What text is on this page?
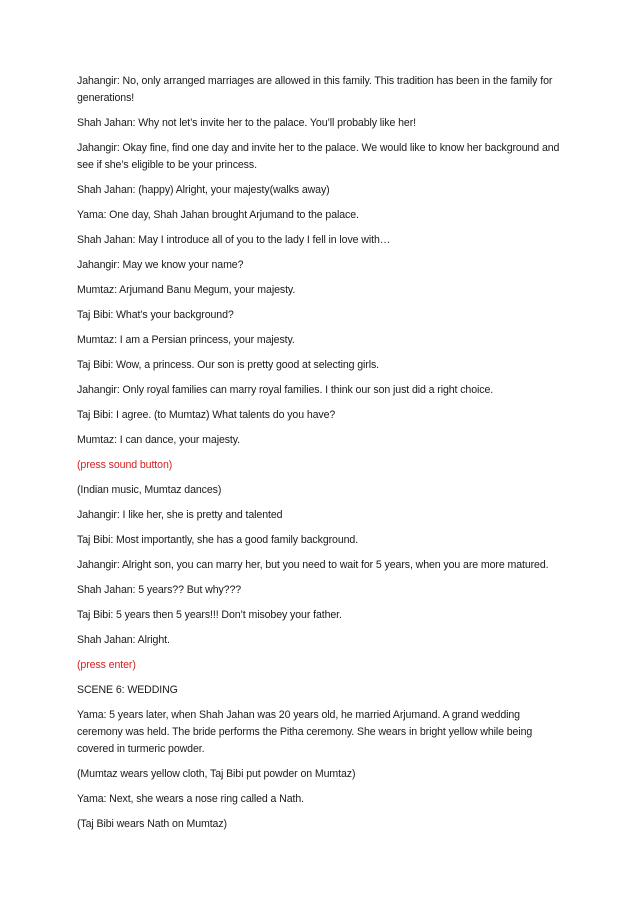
Jahangir: No, only arranged marriages are allowed in this family. This tradition has been in the family for generations!

Shah Jahan: Why not let’s invite her to the palace. You’ll probably like her!

Jahangir: Okay fine, find one day and invite her to the palace. We would like to know her background and see if she’s eligible to be your princess.

Shah Jahan: (happy) Alright, your majesty(walks away)

Yama: One day, Shah Jahan brought Arjumand to the palace.

Shah Jahan: May I introduce all of you to the lady I fell in love with…

Jahangir: May we know your name?

Mumtaz: Arjumand Banu Megum, your majesty.

Taj Bibi: What’s your background?

Mumtaz: I am a Persian princess, your majesty.

Taj Bibi: Wow, a princess. Our son is pretty good at selecting girls.

Jahangir: Only royal families can marry royal families. I think our son just did a right choice.

Taj Bibi: I agree. (to Mumtaz) What talents do you have?

Mumtaz: I can dance, your majesty.

(press sound button)

(Indian music, Mumtaz dances)

Jahangir: I like her, she is pretty and talented

Taj Bibi: Most importantly, she has a good family background.

Jahangir: Alright son, you can marry her, but you need to wait for 5 years, when you are more matured.

Shah Jahan: 5 years?? But why???

Taj Bibi: 5 years then 5 years!!! Don’t misobey your father.

Shah Jahan: Alright.

(press enter)

SCENE 6: WEDDING

Yama: 5 years later, when Shah Jahan was 20 years old, he married Arjumand. A grand wedding ceremony was held. The bride performs the Pitha ceremony. She wears in bright yellow while being covered in turmeric powder.

(Mumtaz wears yellow cloth, Taj Bibi put powder on Mumtaz)

Yama: Next, she wears a nose ring called a Nath.

(Taj Bibi wears Nath on Mumtaz)
